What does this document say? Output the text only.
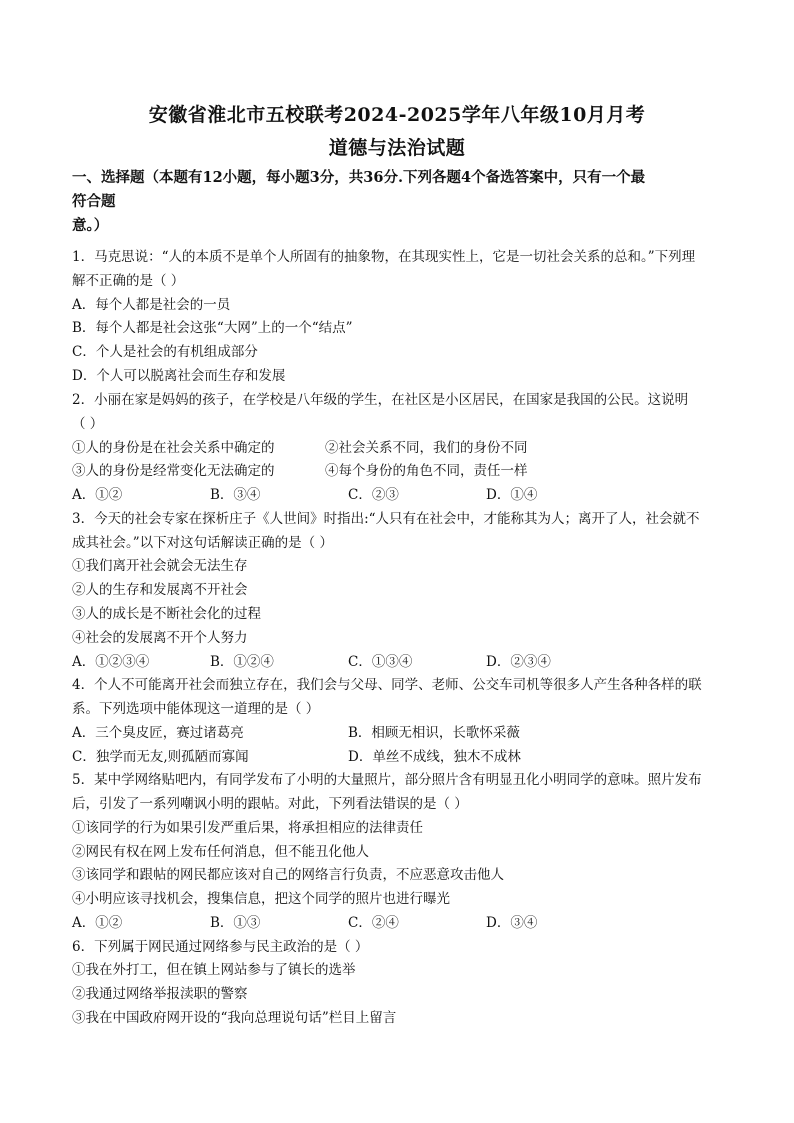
安徽省淮北市五校联考2024-2025学年八年级10月月考
道德与法治试题
一、选择题（本题有12小题，每小题3分，共36分.下列各题4个备选答案中，只有一个最
符合题
意。）
1．马克思说：“人的本质不是单个人所固有的抽象物，在其现实性上，它是一切社会关系的总和。”下列理
解不正确的是（ ）
A．每个人都是社会的一员
B．每个人都是社会这张“大网”上的一个“结点”
C．个人是社会的有机组成部分
D．个人可以脱离社会而生存和发展
2．小丽在家是妈妈的孩子，在学校是八年级的学生，在社区是小区居民，在国家是我国的公民。这说明
（ ）
①人的身份是在社会关系中确定的	②社会关系不同，我们的身份不同
③人的身份是经常变化无法确定的	④每个身份的角色不同，责任一样
A．①②	B．③④	C．②③	D．①④
3．今天的社会专家在探析庄子《人世间》时指出:“人只有在社会中，才能称其为人；离开了人，社会就不
成其社会。”以下对这句话解读正确的是（ ）
①我们离开社会就会无法生存
②人的生存和发展离不开社会
③人的成长是不断社会化的过程
④社会的发展离不开个人努力
A．①②③④	B．①②④	C．①③④	D．②③④
4．个人不可能离开社会而独立存在，我们会与父母、同学、老师、公交车司机等很多人产生各种各样的联
系。下列选项中能体现这一道理的是（ ）
A．三个臭皮匠，赛过诸葛亮	B．相顾无相识，长歌怀采薇
C．独学而无友,则孤陋而寡闻	D．单丝不成线，独木不成林
5．某中学网络贴吧内，有同学发布了小明的大量照片，部分照片含有明显丑化小明同学的意味。照片发布
后，引发了一系列嘲讽小明的跟帖。对此，下列看法错误的是（ ）
①该同学的行为如果引发严重后果，将承担相应的法律责任
②网民有权在网上发布任何消息，但不能丑化他人
③该同学和跟帖的网民都应该对自己的网络言行负责，不应恶意攻击他人
④小明应该寻找机会，搜集信息，把这个同学的照片也进行曝光
A．①②	B．①③	C．②④	D．③④
6．下列属于网民通过网络参与民主政治的是（ ）
①我在外打工，但在镇上网站参与了镇长的选举
②我通过网络举报渎职的警察
③我在中国政府网开设的“我向总理说句话”栏目上留言
